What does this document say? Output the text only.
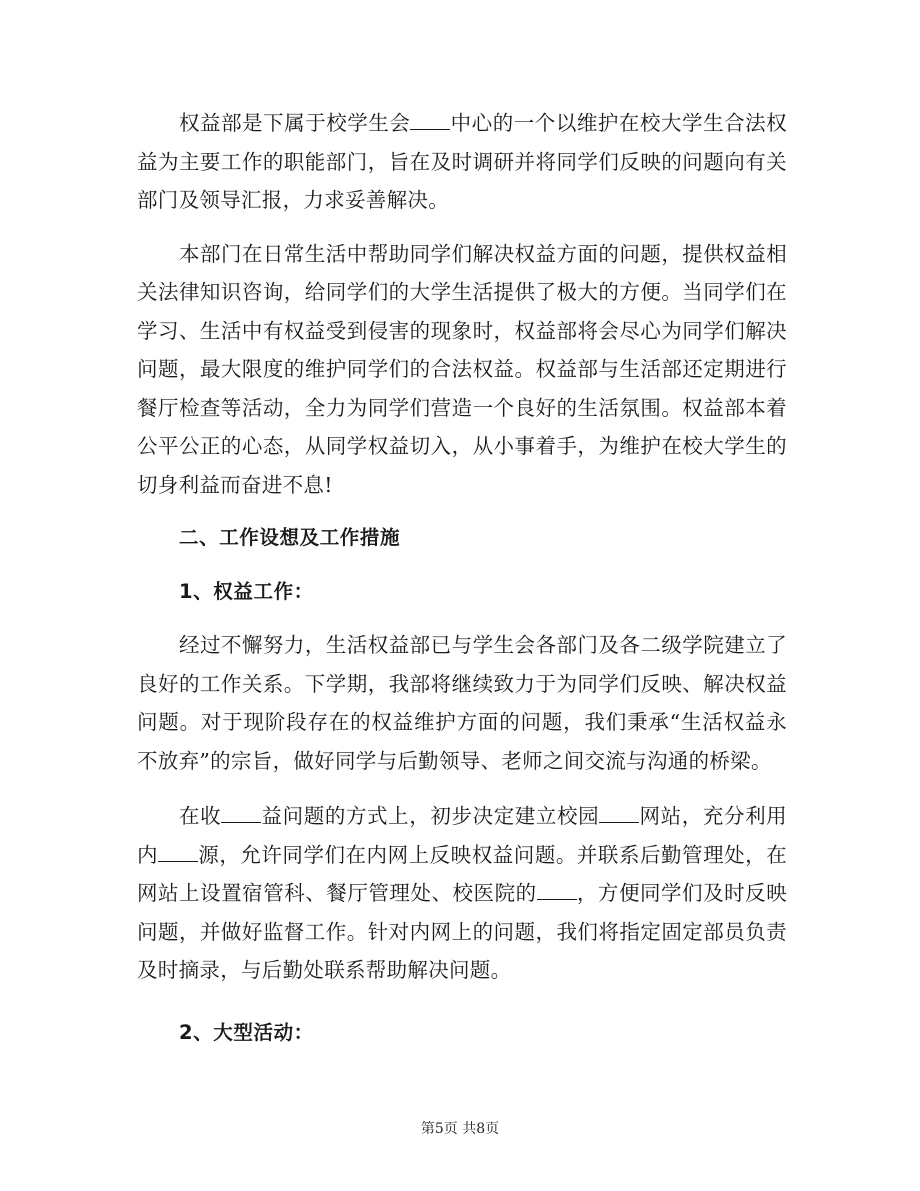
权益部是下属于校学生会 中心的一个以维护在校大学生合法权益为主要工作的职能部门，旨在及时调研并将同学们反映的问题向有关部门及领导汇报，力求妥善解决。

本部门在日常生活中帮助同学们解决权益方面的问题，提供权益相关法律知识咨询，给同学们的大学生活提供了极大的方便。当同学们在学习、生活中有权益受到侵害的现象时，权益部将会尽心为同学们解决问题，最大限度的维护同学们的合法权益。权益部与生活部还定期进行餐厅检查等活动，全力为同学们营造一个良好的生活氛围。权益部本着公平公正的心态，从同学权益切入，从小事着手，为维护在校大学生的切身利益而奋进不息!

二、工作设想及工作措施

1、权益工作：

经过不懈努力，生活权益部已与学生会各部门及各二级学院建立了良好的工作关系。下学期，我部将继续致力于为同学们反映、解决权益问题。对于现阶段存在的权益维护方面的问题，我们秉承“生活权益永不放弃”的宗旨，做好同学与后勤领导、老师之间交流与沟通的桥梁。

在收 益问题的方式上，初步决定建立校园 网站，充分利用内 源，允许同学们在内网上反映权益问题。并联系后勤管理处，在网站上设置宿管科、餐厅管理处、校医院的 ，方便同学们及时反映问题，并做好监督工作。针对内网上的问题，我们将指定固定部员负责及时摘录，与后勤处联系帮助解决问题。

2、大型活动：

第5页 共8页
